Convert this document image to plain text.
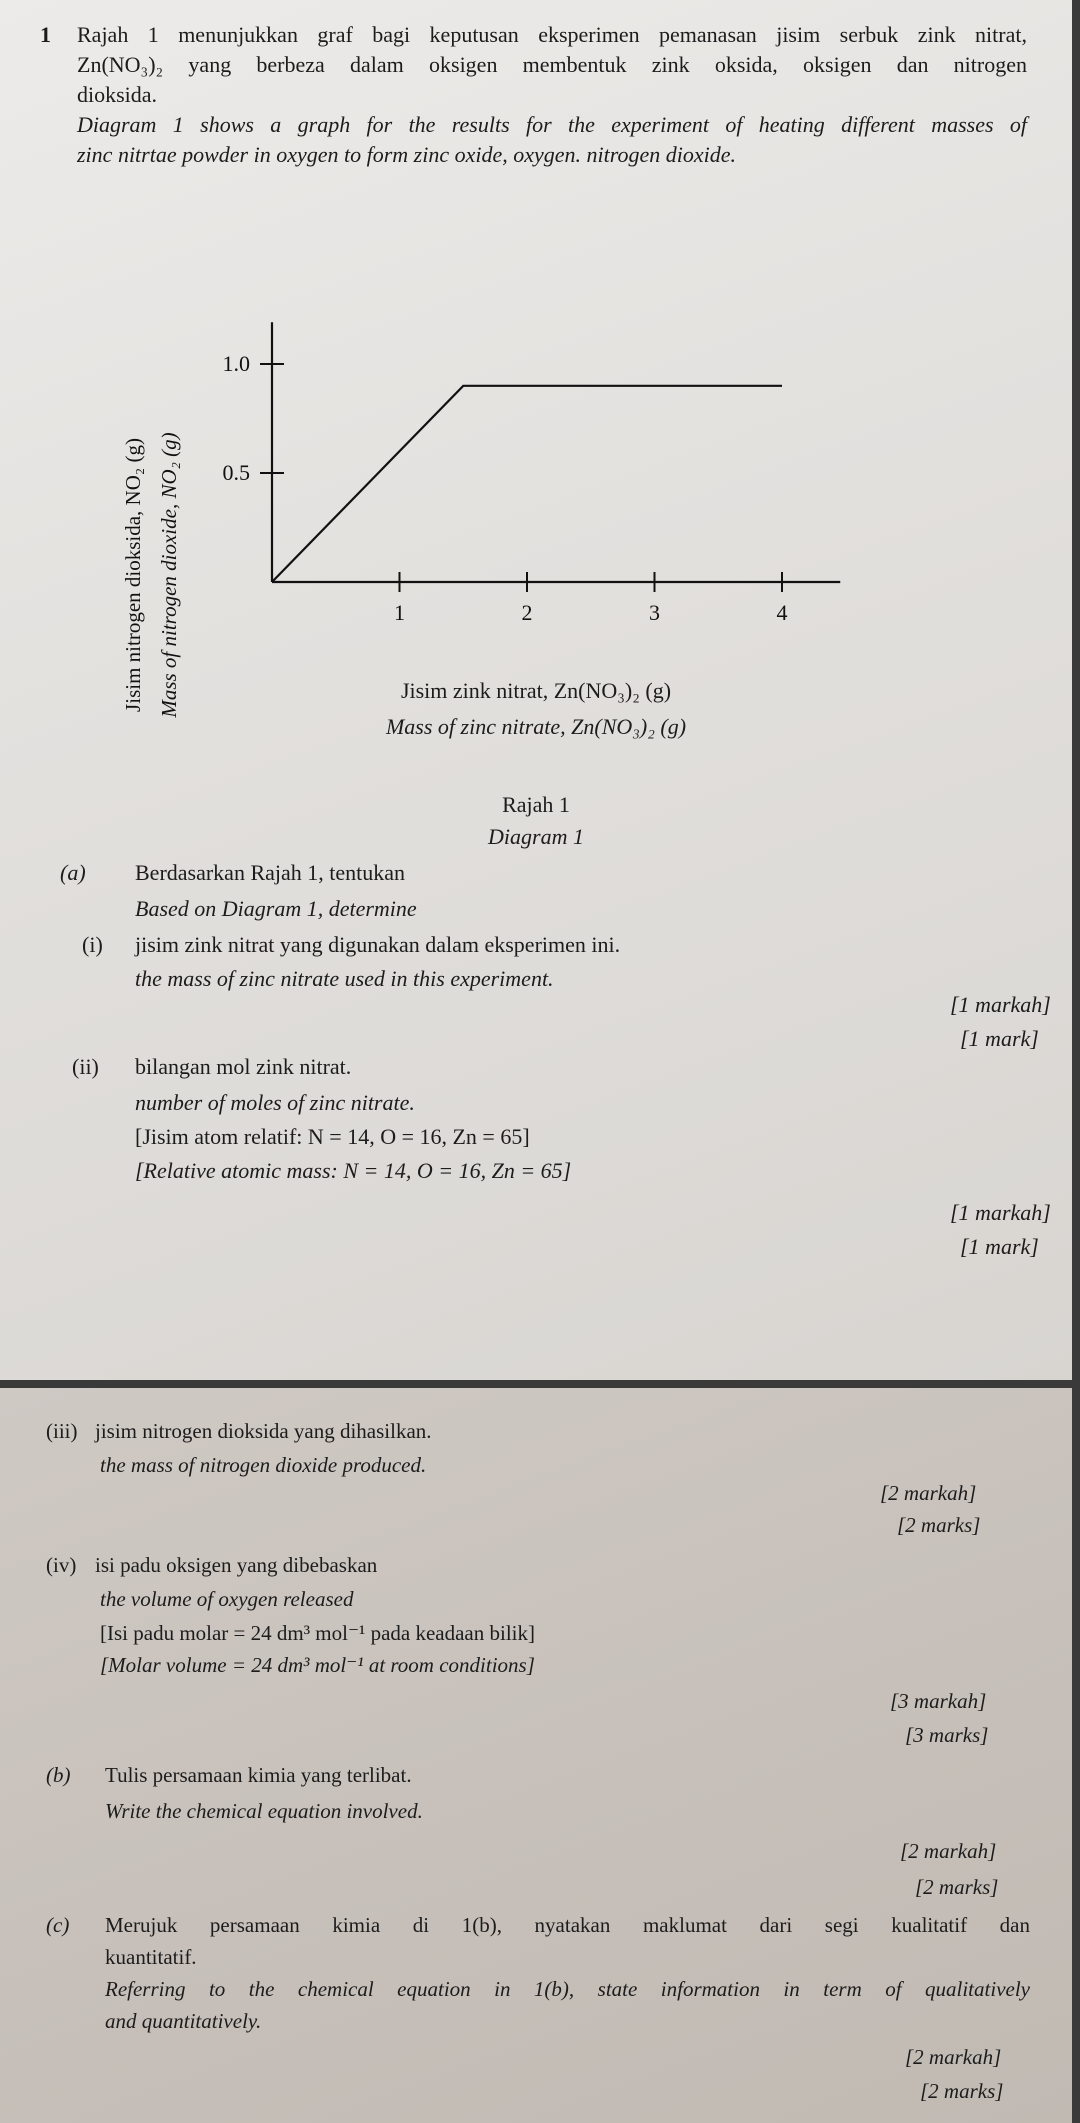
1 Rajah 1 menunjukkan graf bagi keputusan eksperimen pemanasan jisim serbuk zink nitrat,
Zn(NO₃)₂ yang berbeza dalam oksigen membentuk zink oksida, oksigen dan nitrogen
dioksida.
Diagram 1 shows a graph for the results for the experiment of heating different masses of
zinc nitrtae powder in oxygen to form zinc oxide, oxygen. nitrogen dioxide.
1	2	3	4
0.5
1.0
Jisim nitrogen dioksida, NO₂ (g) Mass of nitrogen dioxide, NO₂ (g)	Jisim zink nitrat, Zn(NO₃)₂ (g)
Mass of zinc nitrate, Zn(NO₃)₂ (g)
Rajah 1
Diagram 1
(a) Berdasarkan Rajah 1, tentukan
Based on Diagram 1, determine
(i) jisim zink nitrat yang digunakan dalam eksperimen ini.
the mass of zinc nitrate used in this experiment.
[1 markah]
[1 mark]
(ii) bilangan mol zink nitrat.
number of moles of zinc nitrate.
[Jisim atom relatif: N = 14, O = 16, Zn = 65]
[Relative atomic mass: N = 14, O = 16, Zn = 65]
[1 markah]
[1 mark]
(iii) jisim nitrogen dioksida yang dihasilkan.
the mass of nitrogen dioxide produced.
[2 markah]
[2 marks]
(iv) isi padu oksigen yang dibebaskan
the volume of oxygen released
[Isi padu molar = 24 dm³ mol⁻¹ pada keadaan bilik]
[Molar volume = 24 dm³ mol⁻¹ at room conditions]
[3 markah]
[3 marks]
(b) Tulis persamaan kimia yang terlibat.
Write the chemical equation involved.
[2 markah]
[2 marks]
(c) Merujuk persamaan kimia di 1(b), nyatakan maklumat dari segi kualitatif dan
kuantitatif.
Referring to the chemical equation in 1(b), state information in term of qualitatively
and quantitatively.
[2 markah]
[2 marks]
